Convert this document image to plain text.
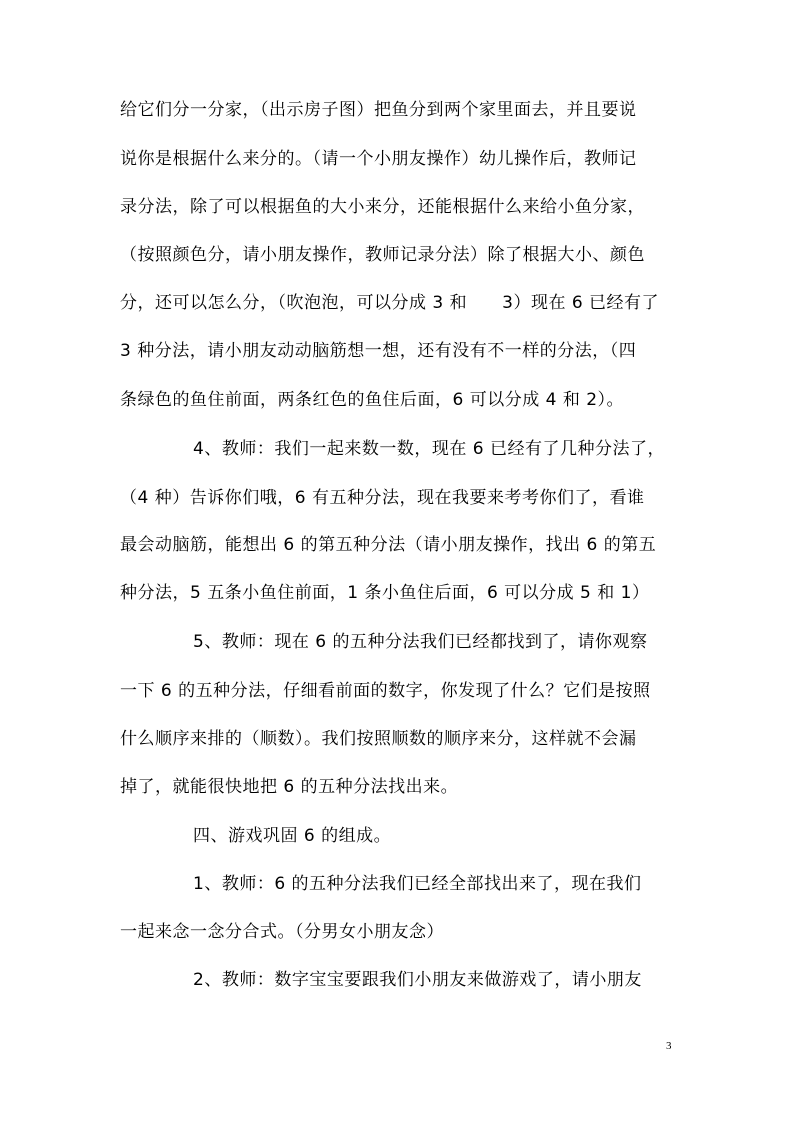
给它们分一分家，（出示房子图）把鱼分到两个家里面去，并且要说
说你是根据什么来分的。（请一个小朋友操作）幼儿操作后，教师记
录分法，除了可以根据鱼的大小来分，还能根据什么来给小鱼分家，
（按照颜色分，请小朋友操作，教师记录分法）除了根据大小、颜色
分，还可以怎么分，（吹泡泡，可以分成 3 和　　3）现在 6 已经有了
3 种分法，请小朋友动动脑筋想一想，还有没有不一样的分法，（四
条绿色的鱼住前面，两条红色的鱼住后面，6 可以分成 4 和 2）。
4、教师：我们一起来数一数，现在 6 已经有了几种分法了，
（4 种）告诉你们哦，6 有五种分法，现在我要来考考你们了，看谁
最会动脑筋，能想出 6 的第五种分法（请小朋友操作，找出 6 的第五
种分法，5 五条小鱼住前面，1 条小鱼住后面，6 可以分成 5 和 1）
5、教师：现在 6 的五种分法我们已经都找到了，请你观察
一下 6 的五种分法，仔细看前面的数字，你发现了什么？它们是按照
什么顺序来排的（顺数）。我们按照顺数的顺序来分，这样就不会漏
掉了，就能很快地把 6 的五种分法找出来。
四、游戏巩固 6 的组成。
1、教师：6 的五种分法我们已经全部找出来了，现在我们
一起来念一念分合式。（分男女小朋友念）
2、教师：数字宝宝要跟我们小朋友来做游戏了，请小朋友
3
